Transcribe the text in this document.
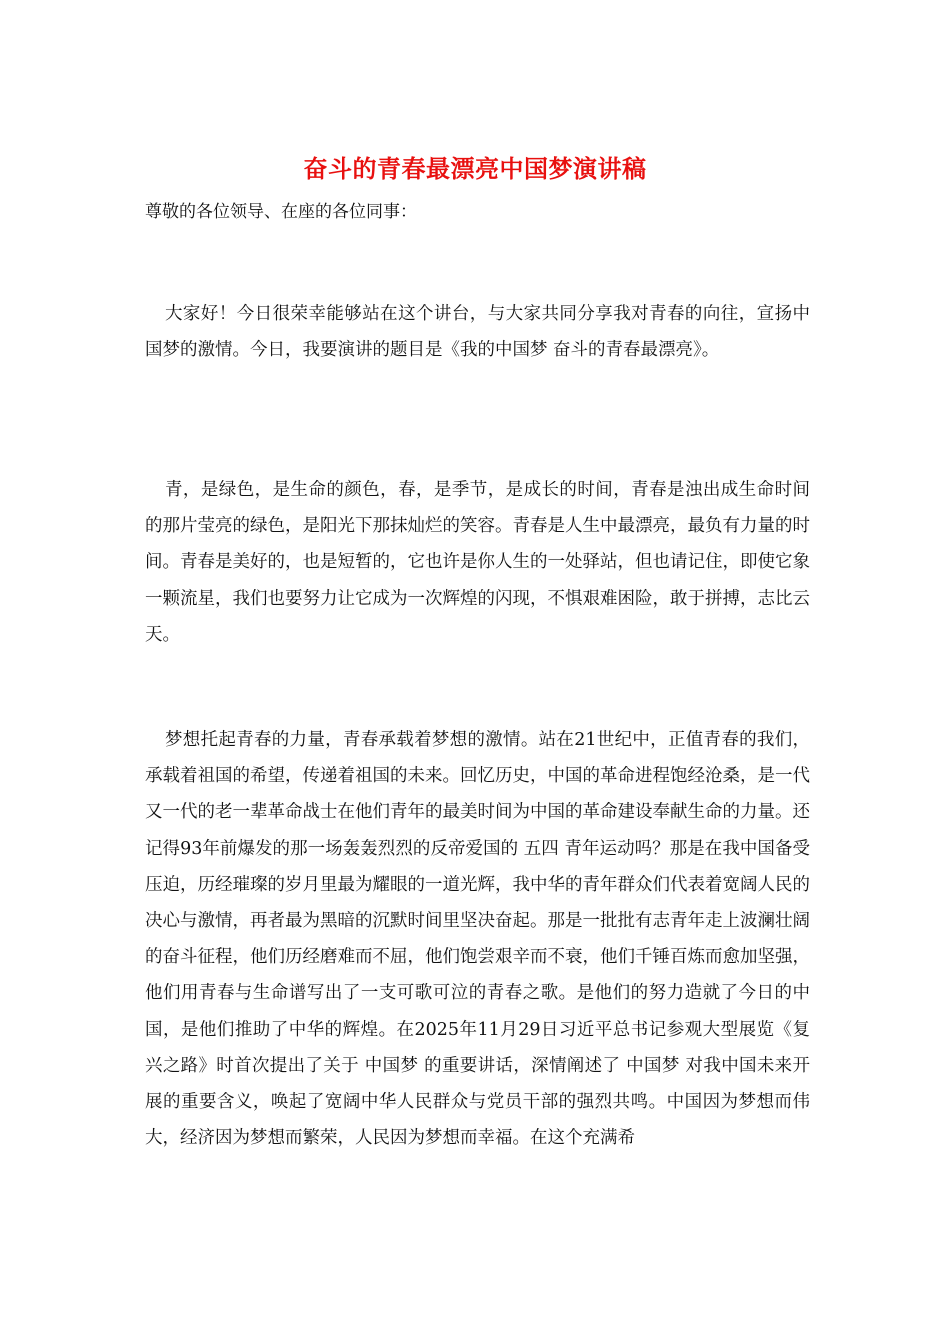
奋斗的青春最漂亮中国梦演讲稿
尊敬的各位领导、在座的各位同事：

大家好！今日很荣幸能够站在这个讲台，与大家共同分享我对青春的向往，宣扬中国梦的激情。今日，我要演讲的题目是《我的中国梦 奋斗的青春最漂亮》。

青，是绿色，是生命的颜色，春，是季节，是成长的时间，青春是浊出成生命时间的那片莹亮的绿色，是阳光下那抹灿烂的笑容。青春是人生中最漂亮，最负有力量的时间。青春是美好的，也是短暂的，它也许是你人生的一处驿站，但也请记住，即使它象一颗流星，我们也要努力让它成为一次辉煌的闪现，不惧艰难困险，敢于拼搏，志比云天。

梦想托起青春的力量，青春承载着梦想的激情。站在21世纪中，正值青春的我们，承载着祖国的希望，传递着祖国的未来。回忆历史，中国的革命进程饱经沧桑，是一代又一代的老一辈革命战士在他们青年的最美时间为中国的革命建设奉献生命的力量。还记得93年前爆发的那一场轰轰烈烈的反帝爱国的 五四 青年运动吗？那是在我中国备受压迫，历经璀璨的岁月里最为耀眼的一道光辉，我中华的青年群众们代表着宽阔人民的决心与激情，再者最为黑暗的沉默时间里坚决奋起。那是一批批有志青年走上波澜壮阔的奋斗征程，他们历经磨难而不屈，他们饱尝艰辛而不衰，他们千锤百炼而愈加坚强，他们用青春与生命谱写出了一支可歌可泣的青春之歌。是他们的努力造就了今日的中国，是他们推助了中华的辉煌。在2025年11月29日习近平总书记参观大型展览《复兴之路》时首次提出了关于 中国梦 的重要讲话，深情阐述了 中国梦 对我中国未来开展的重要含义，唤起了宽阔中华人民群众与党员干部的强烈共鸣。中国因为梦想而伟大，经济因为梦想而繁荣，人民因为梦想而幸福。在这个充满希
